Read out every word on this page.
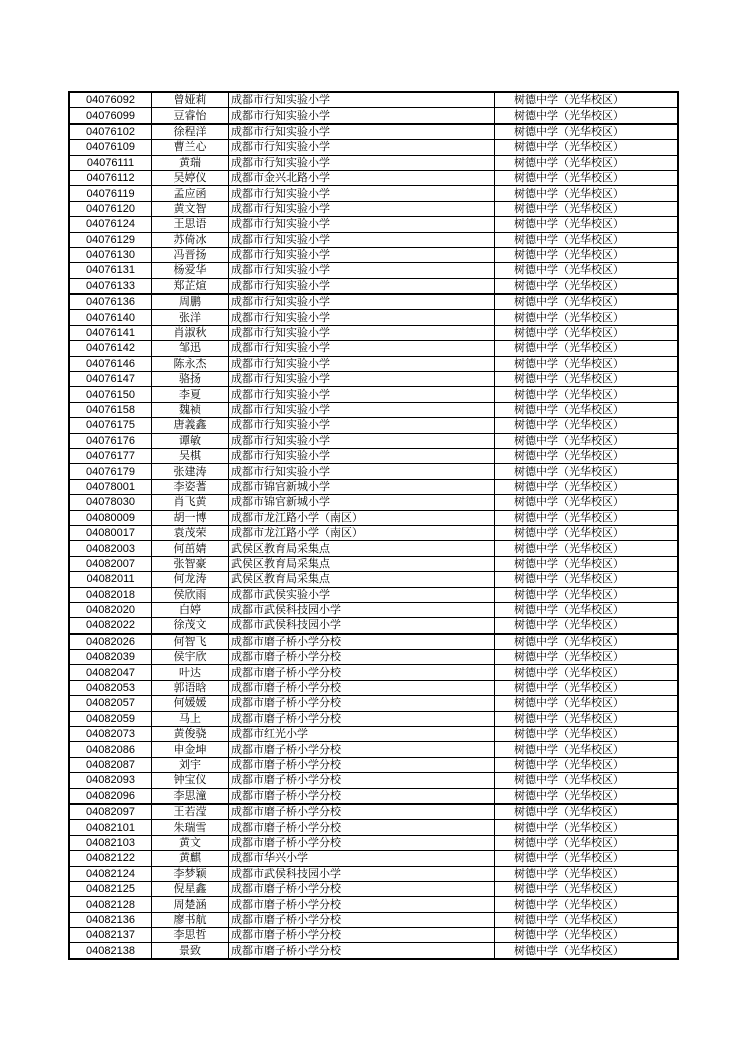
04076092	曾娅莉	成都市行知实验小学	树德中学（光华校区）
04076099	豆睿怡	成都市行知实验小学	树德中学（光华校区）
04076102	徐程洋	成都市行知实验小学	树德中学（光华校区）
04076109	曹兰心	成都市行知实验小学	树德中学（光华校区）
04076111	黄瑞	成都市行知实验小学	树德中学（光华校区）
04076112	吴婷仪	成都市金兴北路小学	树德中学（光华校区）
04076119	孟应函	成都市行知实验小学	树德中学（光华校区）
04076120	黄文智	成都市行知实验小学	树德中学（光华校区）
04076124	王思语	成都市行知实验小学	树德中学（光华校区）
04076129	苏倚冰	成都市行知实验小学	树德中学（光华校区）
04076130	冯晋扬	成都市行知实验小学	树德中学（光华校区）
04076131	杨爱华	成都市行知实验小学	树德中学（光华校区）
04076133	郑芷煊	成都市行知实验小学	树德中学（光华校区）
04076136	周鹏	成都市行知实验小学	树德中学（光华校区）
04076140	张洋	成都市行知实验小学	树德中学（光华校区）
04076141	肖淑秋	成都市行知实验小学	树德中学（光华校区）
04076142	邹迅	成都市行知实验小学	树德中学（光华校区）
04076146	陈永杰	成都市行知实验小学	树德中学（光华校区）
04076147	骆扬	成都市行知实验小学	树德中学（光华校区）
04076150	李夏	成都市行知实验小学	树德中学（光华校区）
04076158	魏祯	成都市行知实验小学	树德中学（光华校区）
04076175	唐義鑫	成都市行知实验小学	树德中学（光华校区）
04076176	谭敏	成都市行知实验小学	树德中学（光华校区）
04076177	吴棋	成都市行知实验小学	树德中学（光华校区）
04076179	张建涛	成都市行知实验小学	树德中学（光华校区）
04078001	李姿蓍	成都市锦官新城小学	树德中学（光华校区）
04078030	肖飞黄	成都市锦官新城小学	树德中学（光华校区）
04080009	胡一博	成都市龙江路小学（南区）	树德中学（光华校区）
04080017	袁茂荣	成都市龙江路小学（南区）	树德中学（光华校区）
04082003	何茁婧	武侯区教育局采集点	树德中学（光华校区）
04082007	张智豪	武侯区教育局采集点	树德中学（光华校区）
04082011	何龙涛	武侯区教育局采集点	树德中学（光华校区）
04082018	侯欣雨	成都市武侯实验小学	树德中学（光华校区）
04082020	白婷	成都市武侯科技园小学	树德中学（光华校区）
04082022	徐茂文	成都市武侯科技园小学	树德中学（光华校区）
04082026	何智飞	成都市磨子桥小学分校	树德中学（光华校区）
04082039	侯宇欣	成都市磨子桥小学分校	树德中学（光华校区）
04082047	叶达	成都市磨子桥小学分校	树德中学（光华校区）
04082053	郭语晗	成都市磨子桥小学分校	树德中学（光华校区）
04082057	何媛媛	成都市磨子桥小学分校	树德中学（光华校区）
04082059	马上	成都市磨子桥小学分校	树德中学（光华校区）
04082073	黄俊骁	成都市红光小学	树德中学（光华校区）
04082086	申金坤	成都市磨子桥小学分校	树德中学（光华校区）
04082087	刘宇	成都市磨子桥小学分校	树德中学（光华校区）
04082093	钟宝仪	成都市磨子桥小学分校	树德中学（光华校区）
04082096	李思潼	成都市磨子桥小学分校	树德中学（光华校区）
04082097	王若滢	成都市磨子桥小学分校	树德中学（光华校区）
04082101	朱瑞雪	成都市磨子桥小学分校	树德中学（光华校区）
04082103	黄文	成都市磨子桥小学分校	树德中学（光华校区）
04082122	黄麒	成都市华兴小学	树德中学（光华校区）
04082124	李梦颖	成都市武侯科技园小学	树德中学（光华校区）
04082125	倪星鑫	成都市磨子桥小学分校	树德中学（光华校区）
04082128	周楚涵	成都市磨子桥小学分校	树德中学（光华校区）
04082136	廖书航	成都市磨子桥小学分校	树德中学（光华校区）
04082137	李思哲	成都市磨子桥小学分校	树德中学（光华校区）
04082138	景致	成都市磨子桥小学分校	树德中学（光华校区）
